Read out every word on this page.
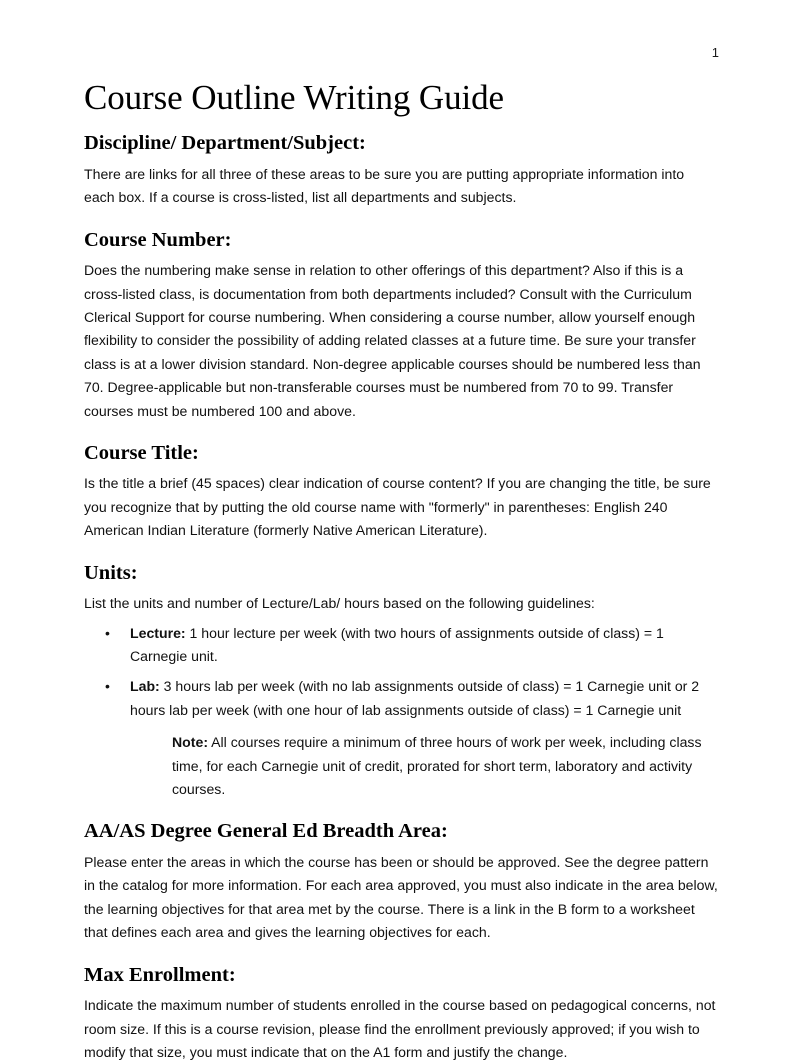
1
Course Outline Writing Guide
Discipline/ Department/Subject:

There are links for all three of these areas to be sure you are putting appropriate information into each box. If a course is cross-listed, list all departments and subjects.

Course Number:

Does the numbering make sense in relation to other offerings of this department? Also if this is a cross-listed class, is documentation from both departments included? Consult with the Curriculum Clerical Support for course numbering. When considering a course number, allow yourself enough flexibility to consider the possibility of adding related classes at a future time. Be sure your transfer class is at a lower division standard. Non-degree applicable courses should be numbered less than 70. Degree-applicable but non-transferable courses must be numbered from 70 to 99. Transfer courses must be numbered 100 and above.

Course Title:

Is the title a brief (45 spaces) clear indication of course content? If you are changing the title, be sure you recognize that by putting the old course name with "formerly" in parentheses: English 240 American Indian Literature (formerly Native American Literature).

Units:

List the units and number of Lecture/Lab/ hours based on the following guidelines:

• Lecture: 1 hour lecture per week (with two hours of assignments outside of class) = 1 Carnegie unit.
• Lab: 3 hours lab per week (with no lab assignments outside of class) = 1 Carnegie unit or 2 hours lab per week (with one hour of lab assignments outside of class) = 1 Carnegie unit

Note: All courses require a minimum of three hours of work per week, including class time, for each Carnegie unit of credit, prorated for short term, laboratory and activity courses.

AA/AS Degree General Ed Breadth Area:

Please enter the areas in which the course has been or should be approved. See the degree pattern in the catalog for more information. For each area approved, you must also indicate in the area below, the learning objectives for that area met by the course. There is a link in the B form to a worksheet that defines each area and gives the learning objectives for each.

Max Enrollment:

Indicate the maximum number of students enrolled in the course based on pedagogical concerns, not room size. If this is a course revision, please find the enrollment previously approved; if you wish to modify that size, you must indicate that on the A1 form and justify the change.
